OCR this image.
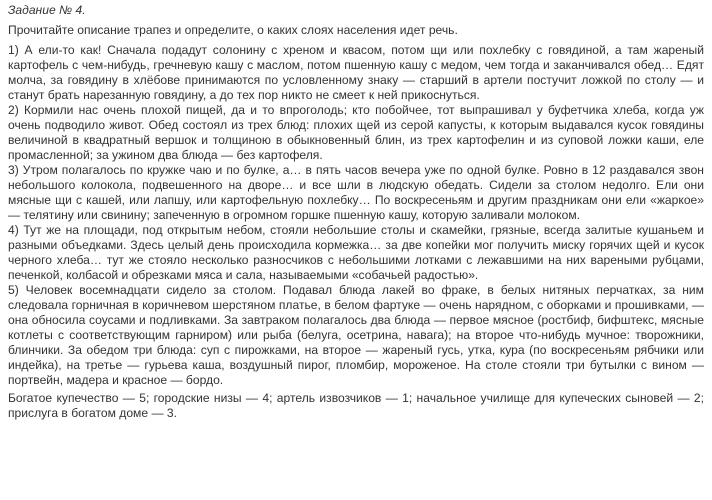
Задание № 4.

Прочитайте описание трапез и определите, о каких слоях населения идет речь.

1) А ели-то как! Сначала подадут солонину с хреном и квасом, потом щи или похлебку с говядиной, а там жареный картофель с чем-нибудь, гречневую кашу с маслом, потом пшенную кашу с медом, чем тогда и заканчивался обед… Едят молча, за говядину в хлёбове принимаются по условленному знаку — старший в артели постучит ложкой по столу — и станут брать нарезанную говядину, а до тех пор никто не смеет к ней прикоснуться.

2) Кормили нас очень плохой пищей, да и то впроголодь; кто побойчее, тот выпрашивал у буфетчика хлеба, когда уж очень подводило живот. Обед состоял из трех блюд: плохих щей из серой капусты, к которым выдавался кусок говядины величиной в квадратный вершок и толщиною в обыкновенный блин, из трех картофелин и из суповой ложки каши, еле промасленной; за ужином два блюда — без картофеля.

3) Утром полагалось по кружке чаю и по булке, а… в пять часов вечера уже по одной булке. Ровно в 12 раздавался звон небольшого колокола, подвешенного на дворе… и все шли в людскую обедать. Сидели за столом недолго. Ели они мясные щи с кашей, или лапшу, или картофельную похлебку… По воскресеньям и другим праздникам они ели «жаркое» — телятину или свинину; запеченную в огромном горшке пшенную кашу, которую заливали молоком.

4) Тут же на площади, под открытым небом, стояли небольшие столы и скамейки, грязные, всегда залитые кушаньем и разными объедками. Здесь целый день происходила кормежка… за две копейки мог получить миску горячих щей и кусок черного хлеба… тут же стояло несколько разносчиков с небольшими лотками с лежавшими на них вареными рубцами, печенкой, колбасой и обрезками мяса и сала, называемыми «собачьей радостью».

5) Человек восемнадцати сидело за столом. Подавал блюда лакей во фраке, в белых нитяных перчатках, за ним следовала горничная в коричневом шерстяном платье, в белом фартуке — очень нарядном, с оборками и прошивками, — она обносила соусами и подливками. За завтраком полагалось два блюда — первое мясное (ростбиф, бифштекс, мясные котлеты с соответствующим гарниром) или рыба (белуга, осетрина, навага); на второе что-нибудь мучное: творожники, блинчики. За обедом три блюда: суп с пирожками, на второе — жареный гусь, утка, кура (по воскресеньям рябчики или индейка), на третье — гурьева каша, воздушный пирог, пломбир, мороженое. На столе стояли три бутылки с вином — портвейн, мадера и красное — бордо.

Богатое купечество — 5; городские низы — 4; артель извозчиков — 1; начальное училище для купеческих сыновей — 2; прислуга в богатом доме — 3.
